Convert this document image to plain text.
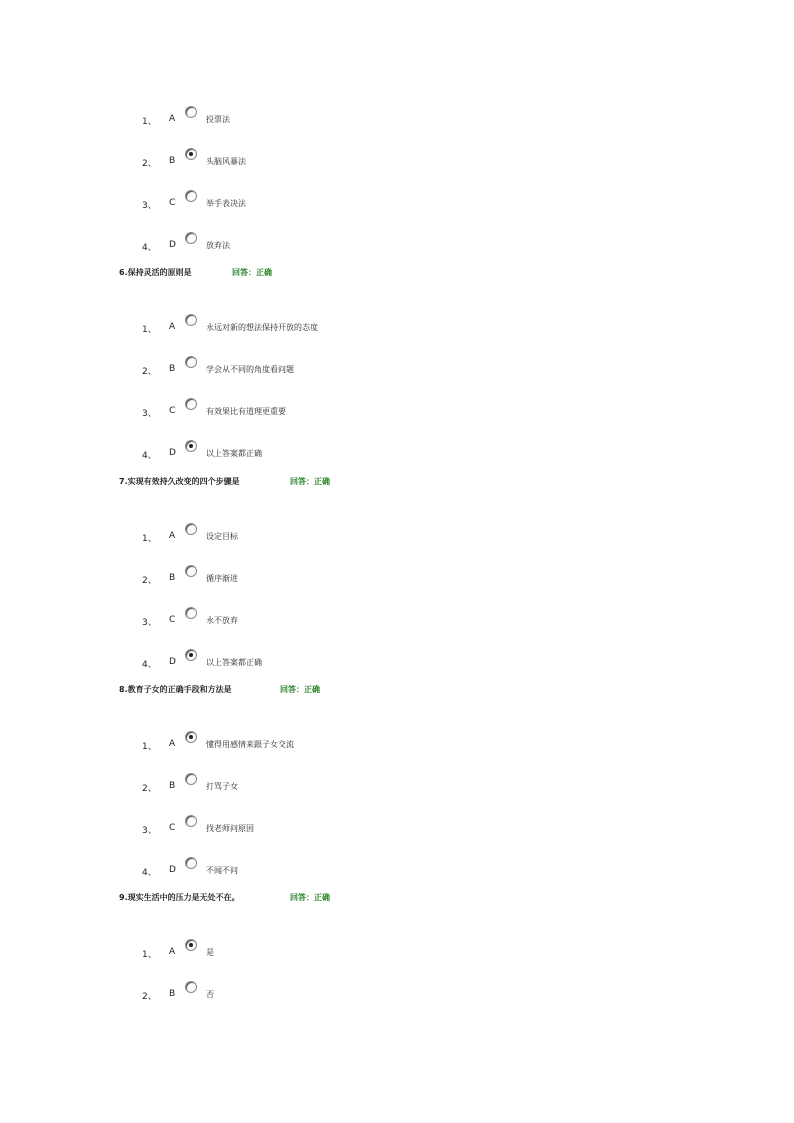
1、 A	投票法
2、 B	头脑风暴法
3、 C	举手表决法
4、 D	放弃法
6.保持灵活的原则是	回答：正确
1、 A	永远对新的想法保持开放的态度
2、 B	学会从不同的角度看问题
3、 C	有效果比有道理更重要
4、 D	以上答案都正确
7.实现有效持久改变的四个步骤是	回答：正确
1、 A	设定目标
2、 B	循序渐进
3、 C	永不放弃
4、 D	以上答案都正确
8.教育子女的正确手段和方法是	回答：正确
1、 A	懂得用感情来跟子女交流
2、 B	打骂子女
3、 C	找老师问原因
4、 D	不闻不问
9.现实生活中的压力是无处不在。	回答：正确
1、 A	是
2、 B	否
